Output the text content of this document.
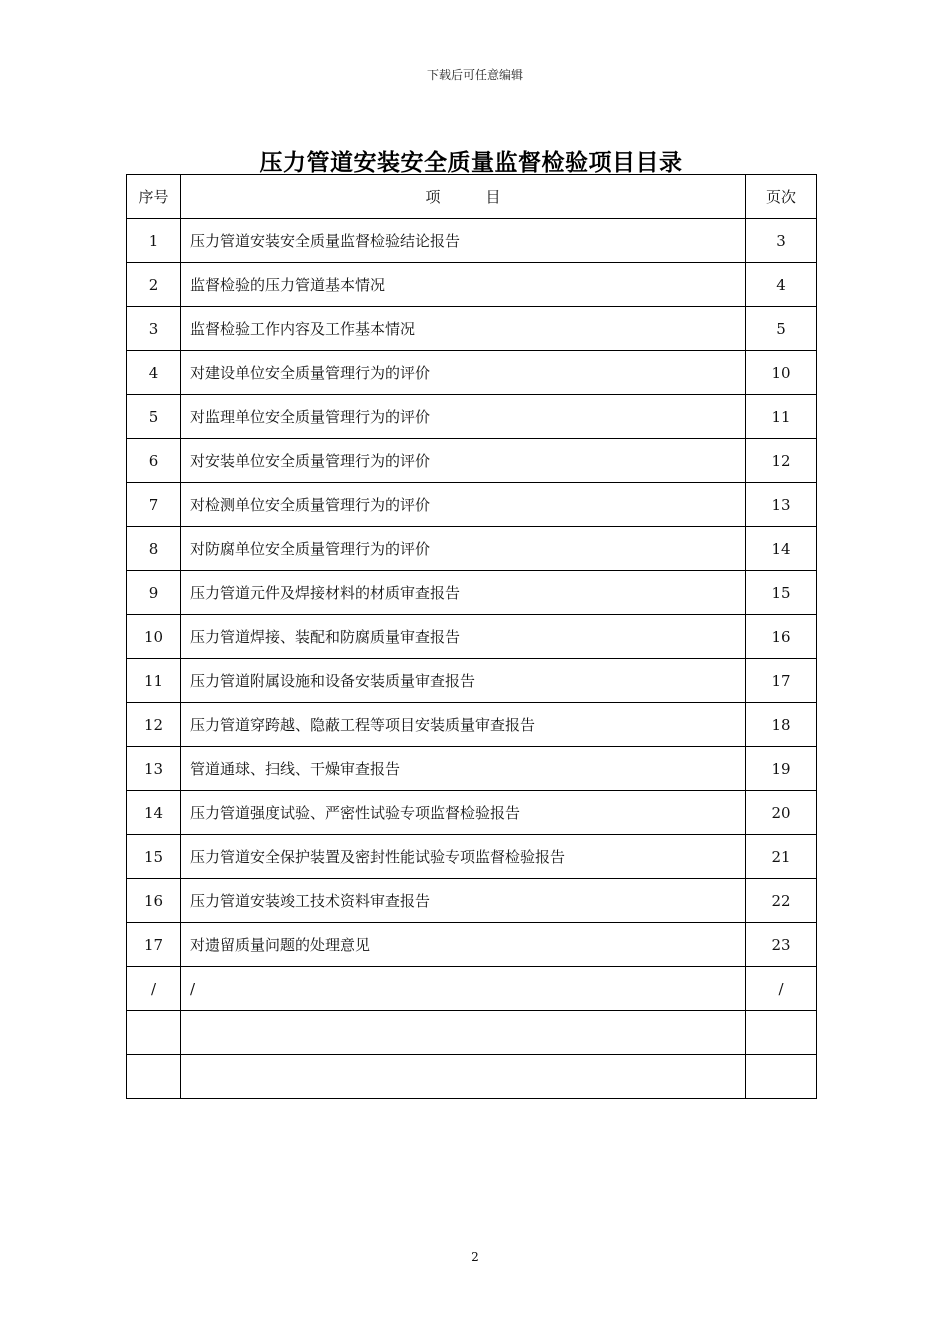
下载后可任意编辑
压力管道安装安全质量监督检验项目目录
序号	项　　　目	页次
1	压力管道安装安全质量监督检验结论报告	3
2	监督检验的压力管道基本情况	4
3	监督检验工作内容及工作基本情况	5
4	对建设单位安全质量管理行为的评价	10
5	对监理单位安全质量管理行为的评价	11
6	对安装单位安全质量管理行为的评价	12
7	对检测单位安全质量管理行为的评价	13
8	对防腐单位安全质量管理行为的评价	14
9	压力管道元件及焊接材料的材质审查报告	15
10	压力管道焊接、装配和防腐质量审查报告	16
11	压力管道附属设施和设备安装质量审查报告	17
12	压力管道穿跨越、隐蔽工程等项目安装质量审查报告	18
13	管道通球、扫线、干燥审查报告	19
14	压力管道强度试验、严密性试验专项监督检验报告	20
15	压力管道安全保护装置及密封性能试验专项监督检验报告	21
16	压力管道安装竣工技术资料审查报告	22
17	对遗留质量问题的处理意见	23
/	/	/

2
